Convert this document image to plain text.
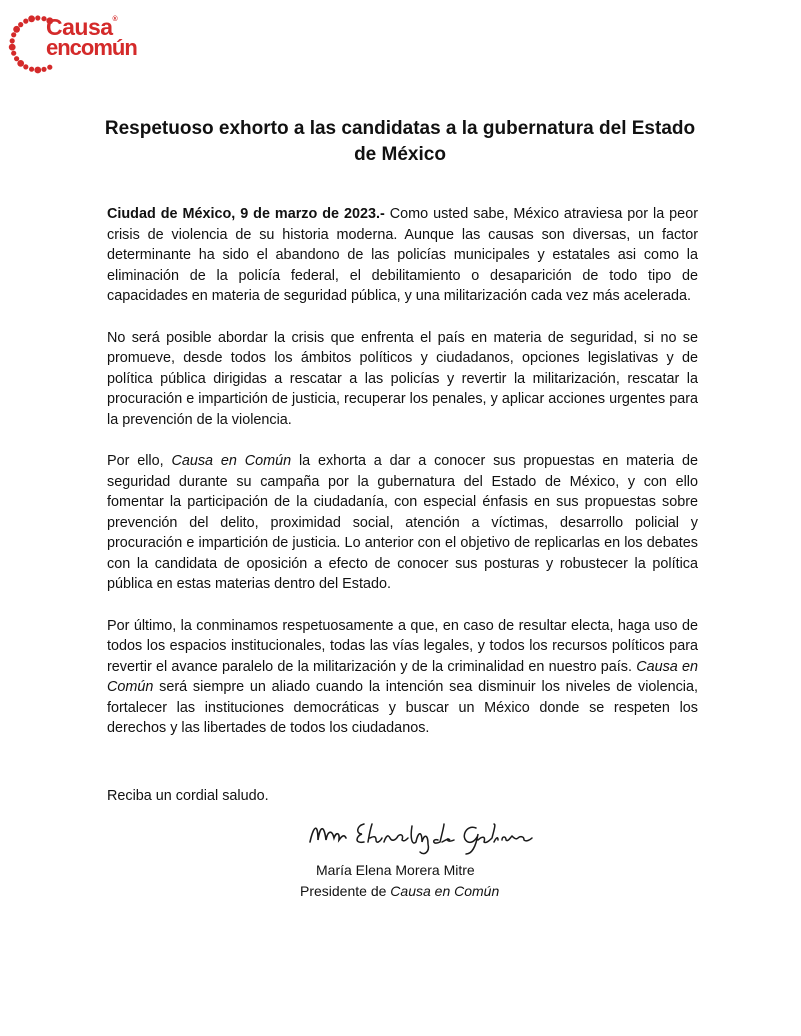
Causa®
encomún
Respetuoso exhorto a las candidatas a la gubernatura del Estado de México

Ciudad de México, 9 de marzo de 2023.- Como usted sabe, México atraviesa por la peor crisis de violencia de su historia moderna. Aunque las causas son diversas, un factor determinante ha sido el abandono de las policías municipales y estatales asi como la eliminación de la policía federal, el debilitamiento o desaparición de todo tipo de capacidades en materia de seguridad pública, y una militarización cada vez más acelerada.

No será posible abordar la crisis que enfrenta el país en materia de seguridad, si no se promueve, desde todos los ámbitos políticos y ciudadanos, opciones legislativas y de política pública dirigidas a rescatar a las policías y revertir la militarización, rescatar la procuración e impartición de justicia, recuperar los penales, y aplicar acciones urgentes para la prevención de la violencia.

Por ello, Causa en Común la exhorta a dar a conocer sus propuestas en materia de seguridad durante su campaña por la gubernatura del Estado de México, y con ello fomentar la participación de la ciudadanía, con especial énfasis en sus propuestas sobre prevención del delito, proximidad social, atención a víctimas, desarrollo policial y procuración e impartición de justicia. Lo anterior con el objetivo de replicarlas en los debates con la candidata de oposición a efecto de conocer sus posturas y robustecer la política pública en estas materias dentro del Estado.

Por último, la conminamos respetuosamente a que, en caso de resultar electa, haga uso de todos los espacios institucionales, todas las vías legales, y todos los recursos políticos para revertir el avance paralelo de la militarización y de la criminalidad en nuestro país. Causa en Común será siempre un aliado cuando la intención sea disminuir los niveles de violencia, fortalecer las instituciones democráticas y buscar un México donde se respeten los derechos y las libertades de todos los ciudadanos.

Reciba un cordial saludo.

María Elena Morera Mitre
Presidente de Causa en Común
